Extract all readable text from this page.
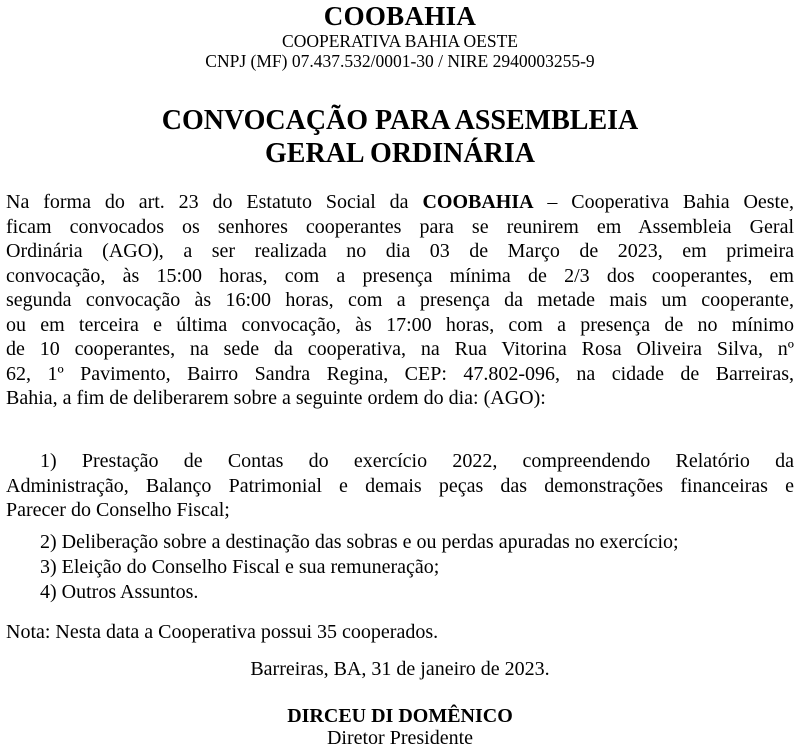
COOBAHIA
COOPERATIVA BAHIA OESTE
CNPJ (MF) 07.437.532/0001-30 / NIRE 2940003255-9
CONVOCAÇÃO PARA ASSEMBLEIA
GERAL ORDINÁRIA
Na forma do art. 23 do Estatuto Social da COOBAHIA – Cooperativa Bahia Oeste,
ficam convocados os senhores cooperantes para se reunirem em Assembleia Geral
Ordinária (AGO), a ser realizada no dia 03 de Março de 2023, em primeira
convocação, às 15:00 horas, com a presença mínima de 2/3 dos cooperantes, em
segunda convocação às 16:00 horas, com a presença da metade mais um cooperante,
ou em terceira e última convocação, às 17:00 horas, com a presença de no mínimo
de 10 cooperantes, na sede da cooperativa, na Rua Vitorina Rosa Oliveira Silva, nº
62, 1º Pavimento, Bairro Sandra Regina, CEP: 47.802-096, na cidade de Barreiras,
Bahia, a fim de deliberarem sobre a seguinte ordem do dia: (AGO):
1) Prestação de Contas do exercício 2022, compreendendo Relatório da
Administração, Balanço Patrimonial e demais peças das demonstrações financeiras e
Parecer do Conselho Fiscal;
2) Deliberação sobre a destinação das sobras e ou perdas apuradas no exercício;
3) Eleição do Conselho Fiscal e sua remuneração;
4) Outros Assuntos.
Nota: Nesta data a Cooperativa possui 35 cooperados.
Barreiras, BA, 31 de janeiro de 2023.
DIRCEU DI DOMÊNICO
Diretor Presidente
